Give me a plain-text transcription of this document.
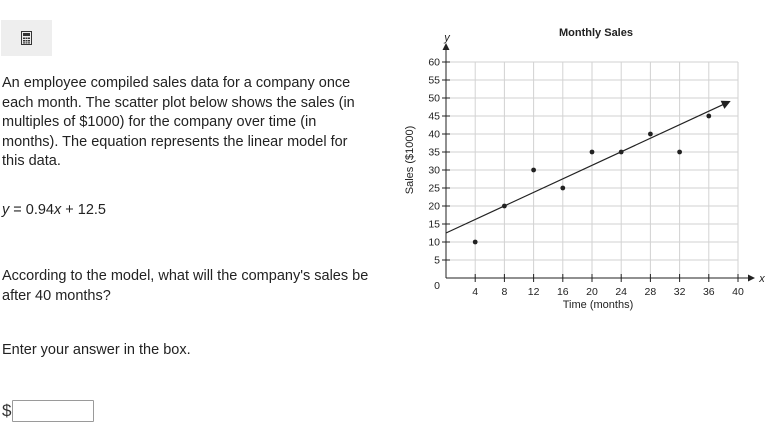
An employee compiled sales data for a company once each month. The scatter plot below shows the sales (in multiples of $1000) for the company over time (in months). The equation represents the linear model for this data.

y = 0.94x + 12.5

According to the model, what will the company's sales be after 40 months?

Enter your answer in the box.

$
4 8 12 16 20 24 28 32 36 40
5
10
15
20
25
30
35
40
45
50
55
60
0
Monthly Sales
Time (months)
Sales ($1000)
y
x
